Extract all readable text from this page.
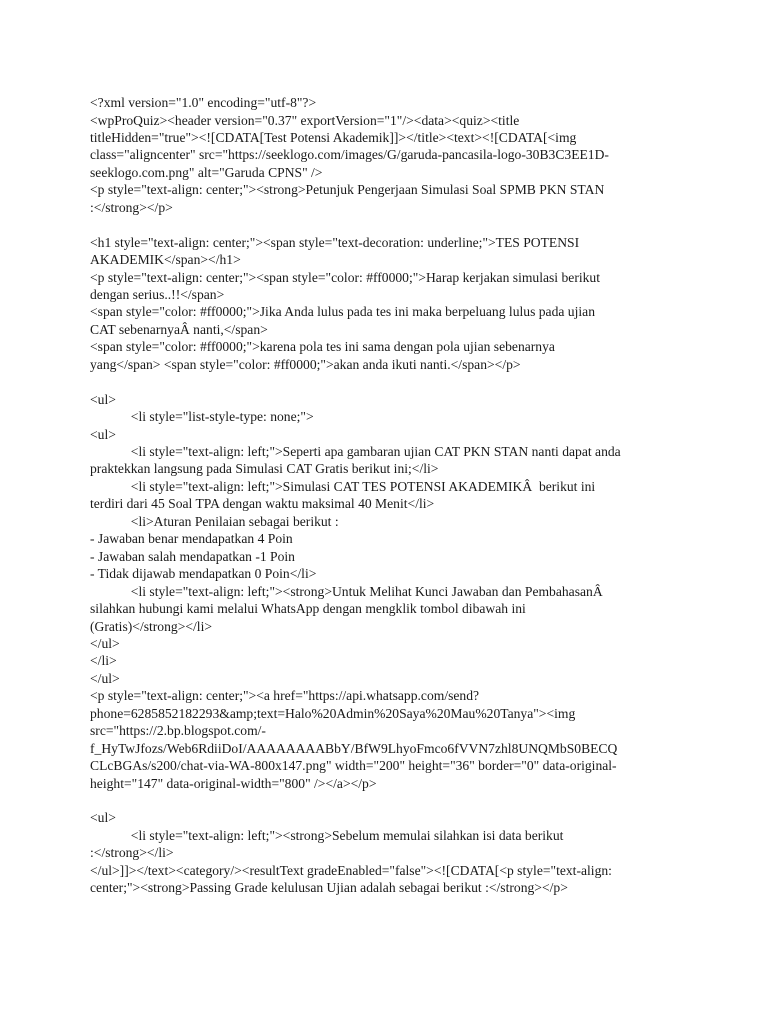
<?xml version="1.0" encoding="utf-8"?>
<wpProQuiz><header version="0.37" exportVersion="1"/><data><quiz><title
titleHidden="true"><![CDATA[Test Potensi Akademik]]></title><text><![CDATA[<img
class="aligncenter" src="https://seeklogo.com/images/G/garuda-pancasila-logo-30B3C3EE1D-
seeklogo.com.png" alt="Garuda CPNS" />
<p style="text-align: center;"><strong>Petunjuk Pengerjaan Simulasi Soal SPMB PKN STAN
:</strong></p>
<h1 style="text-align: center;"><span style="text-decoration: underline;">TES POTENSI
AKADEMIK</span></h1>
<p style="text-align: center;"><span style="color: #ff0000;">Harap kerjakan simulasi berikut
dengan serius..!!</span>
<span style="color: #ff0000;">Jika Anda lulus pada tes ini maka berpeluang lulus pada ujian
CAT sebenarnyaÂ nanti,</span>
<span style="color: #ff0000;">karena pola tes ini sama dengan pola ujian sebenarnya
yang</span> <span style="color: #ff0000;">akan anda ikuti nanti.</span></p>
<ul>
<li style="list-style-type: none;">
<ul>
<li style="text-align: left;">Seperti apa gambaran ujian CAT PKN STAN nanti dapat anda
praktekkan langsung pada Simulasi CAT Gratis berikut ini;</li>
<li style="text-align: left;">Simulasi CAT TES POTENSI AKADEMIKÂ  berikut ini
terdiri dari 45 Soal TPA dengan waktu maksimal 40 Menit</li>
<li>Aturan Penilaian sebagai berikut :
- Jawaban benar mendapatkan 4 Poin
- Jawaban salah mendapatkan -1 Poin
- Tidak dijawab mendapatkan 0 Poin</li>
<li style="text-align: left;"><strong>Untuk Melihat Kunci Jawaban dan PembahasanÂ
silahkan hubungi kami melalui WhatsApp dengan mengklik tombol dibawah ini
(Gratis)</strong></li>
</ul>
</li>
</ul>
<p style="text-align: center;"><a href="https://api.whatsapp.com/send?
phone=6285852182293&amp;text=Halo%20Admin%20Saya%20Mau%20Tanya"><img
src="https://2.bp.blogspot.com/-
f_HyTwJfozs/Web6RdiiDoI/AAAAAAAABbY/BfW9LhyoFmco6fVVN7zhl8UNQMbS0BECQ
CLcBGAs/s200/chat-via-WA-800x147.png" width="200" height="36" border="0" data-original-
height="147" data-original-width="800" /></a></p>
<ul>
<li style="text-align: left;"><strong>Sebelum memulai silahkan isi data berikut
:</strong></li>
</ul>]]></text><category/><resultText gradeEnabled="false"><![CDATA[<p style="text-align:
center;"><strong>Passing Grade kelulusan Ujian adalah sebagai berikut :</strong></p>
